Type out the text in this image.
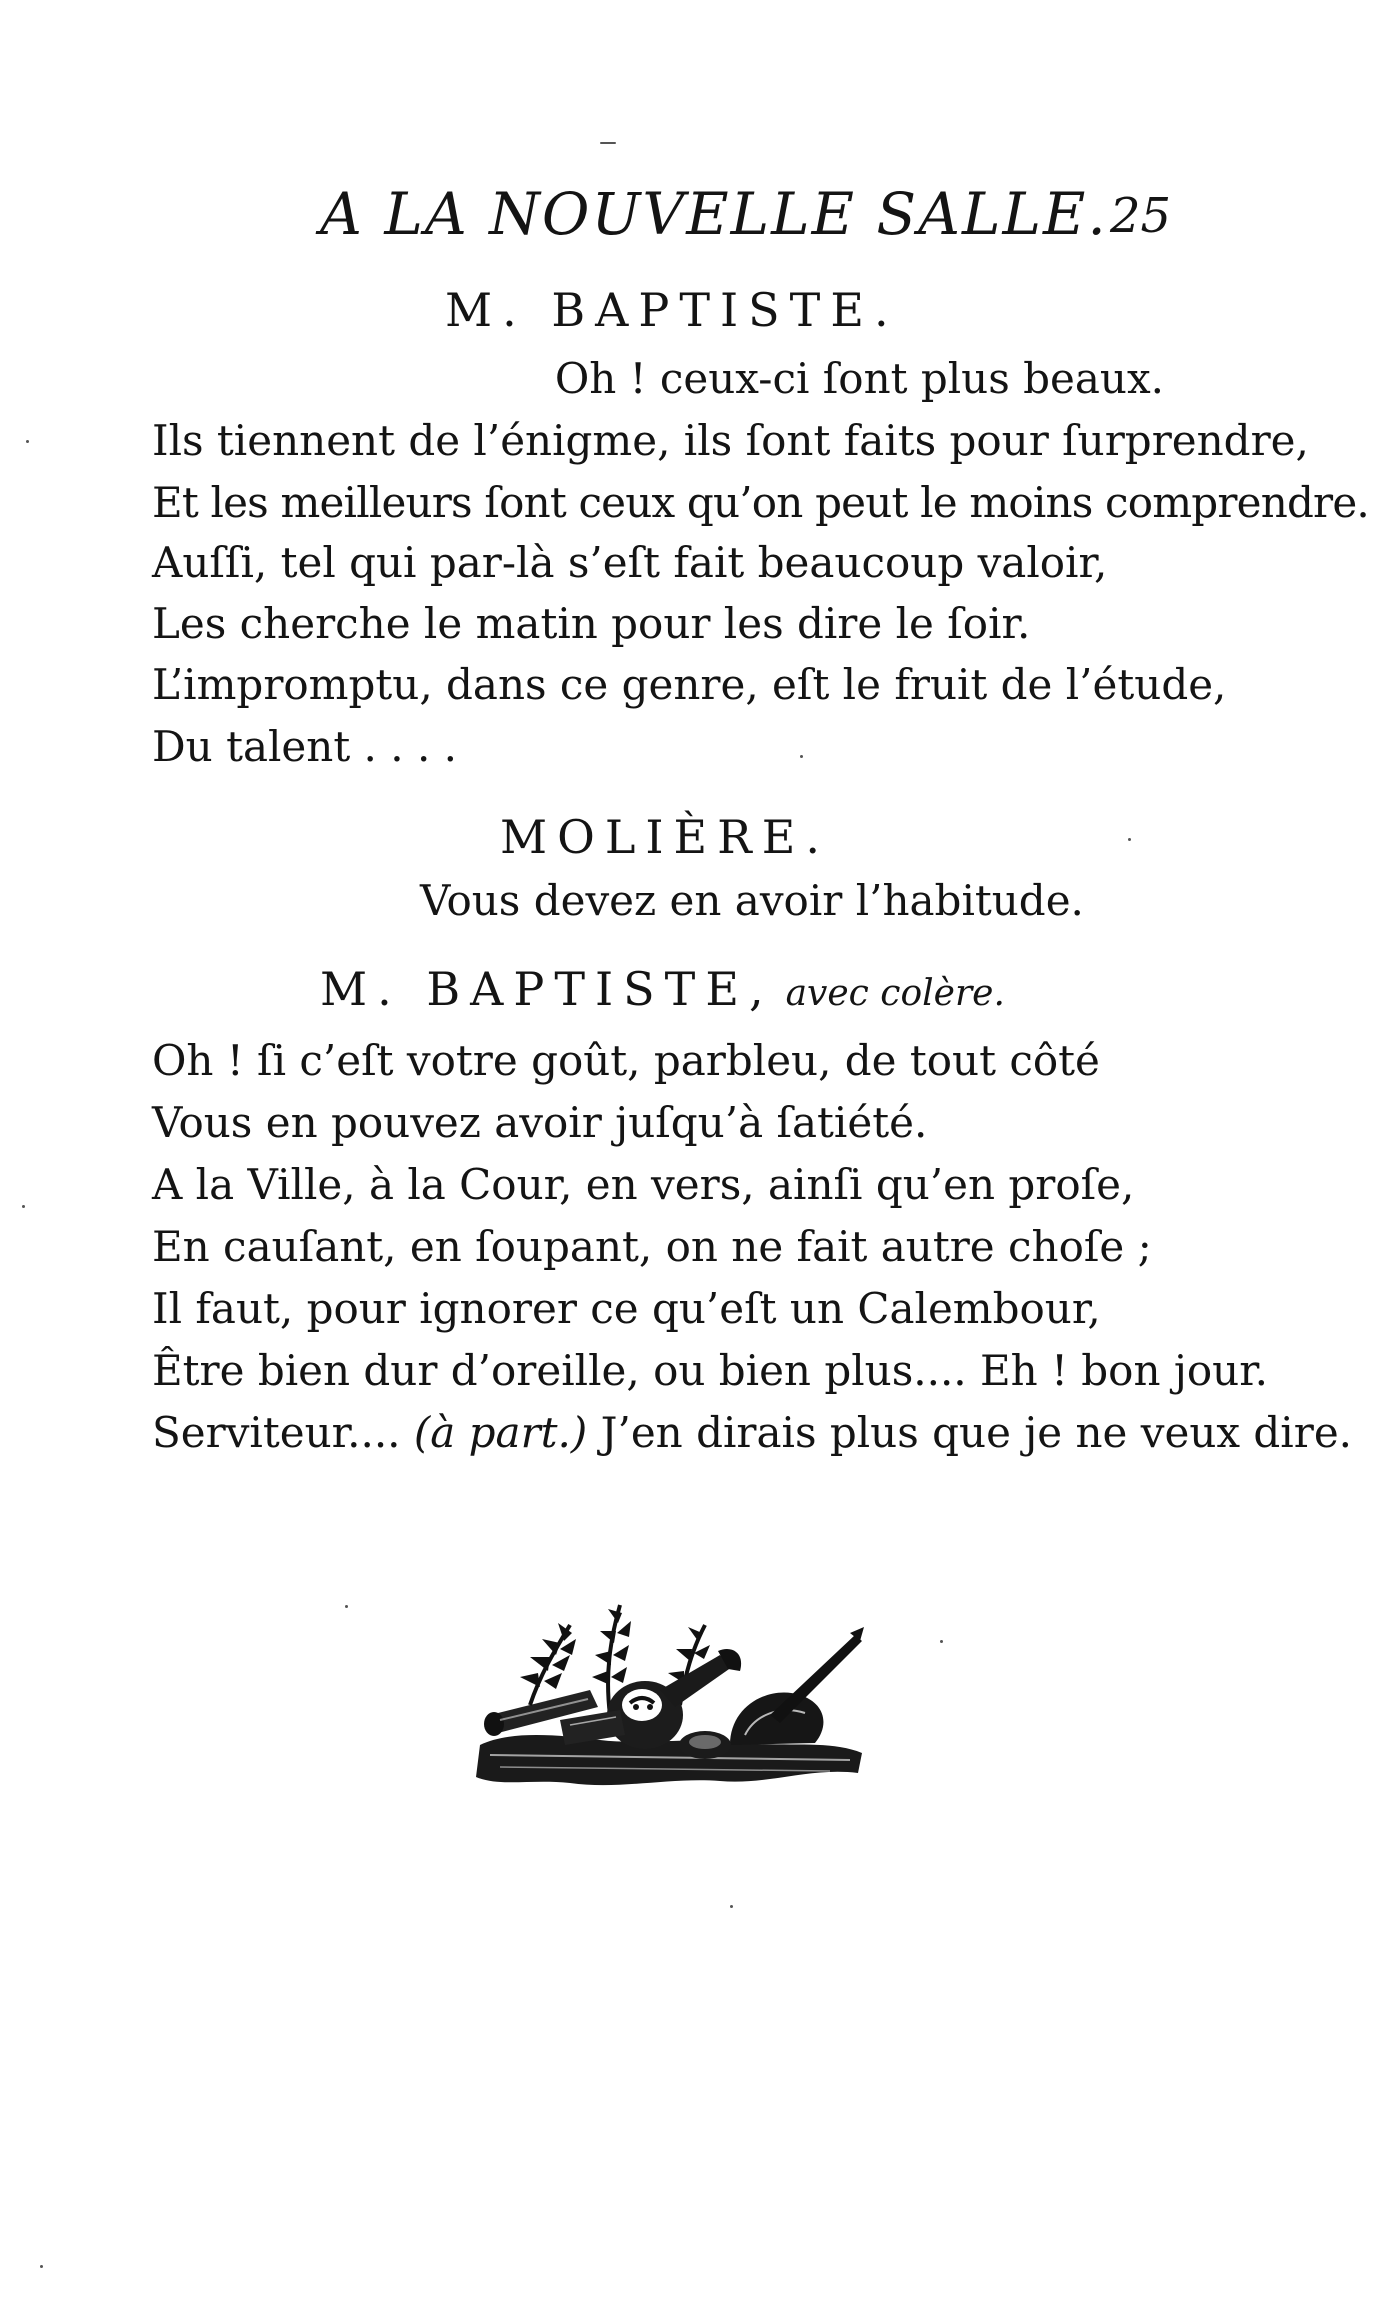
A LA NOUVELLE SALLE. 25
M. BAPTISTE.
Oh ! ceux-ci ſont plus beaux.
Ils tiennent de l’énigme, ils ſont faits pour ſurprendre,
Et les meilleurs ſont ceux qu’on peut le moins comprendre.
Auſſi, tel qui par-là s’eſt fait beaucoup valoir,
Les cherche le matin pour les dire le ſoir.
L’impromptu, dans ce genre, eſt le fruit de l’étude,
Du talent . . . .
MOLIÈRE.
Vous devez en avoir l’habitude.
M. BAPTISTE, avec colère.
Oh ! ſi c’eſt votre goût, parbleu, de tout côté
Vous en pouvez avoir juſqu’à ſatiété.
A la Ville, à la Cour, en vers, ainſi qu’en proſe,
En cauſant, en ſoupant, on ne fait autre choſe ;
Il faut, pour ignorer ce qu’eſt un Calembour,
Être bien dur d’oreille, ou bien plus.... Eh ! bon jour.
Serviteur.... (à part.) J’en dirais plus que je ne veux dire.
